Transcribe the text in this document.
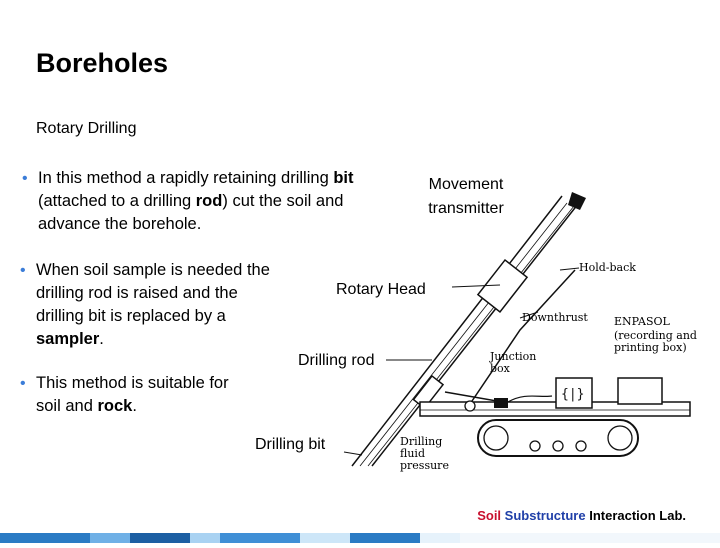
Boreholes
Rotary Drilling
• In this method a rapidly retaining drilling bit (attached to a drilling rod) cut the soil and advance the borehole.
• When soil sample is needed the drilling rod is raised and the drilling bit is replaced by a sampler.
• This method is suitable for soil and rock.
{|}
Movement transmitter
Rotary Head
Drilling rod
Drilling bit
Hold-back
Downthrust ENPASOL
(recording and printing box)
Junction box
Drilling fluid pressure
Soil Substructure Interaction Lab.
